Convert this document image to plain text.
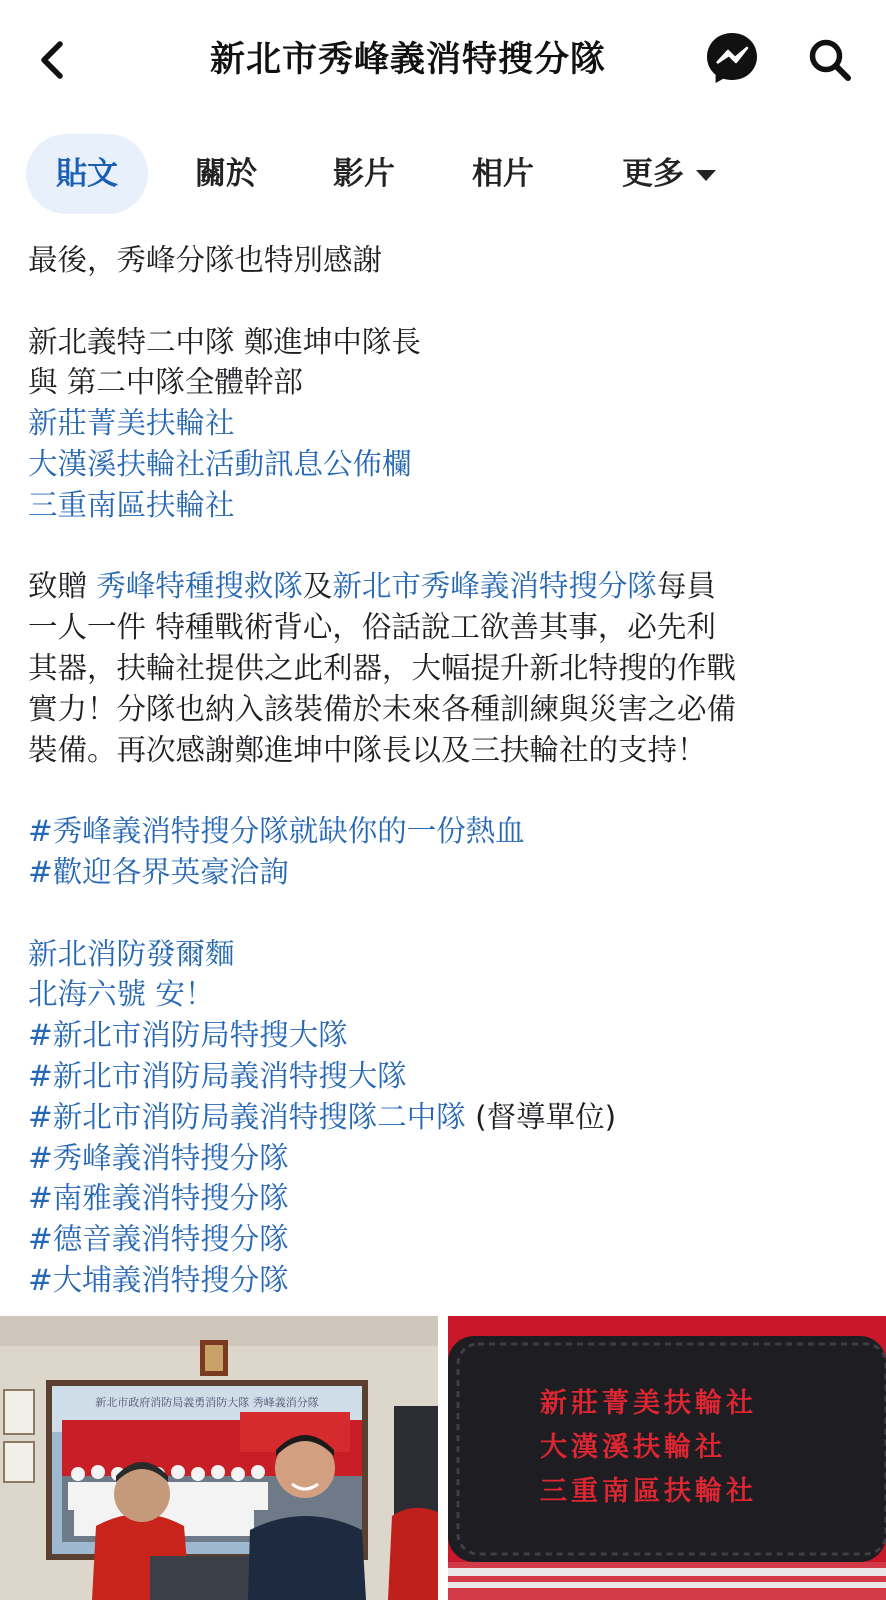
新北市秀峰義消特搜分隊
貼文	關於	影片	相片	更多
最後，秀峰分隊也特別感謝
新北義特二中隊 鄭進坤中隊長
與 第二中隊全體幹部
新莊菁美扶輪社
大漢溪扶輪社活動訊息公佈欄
三重南區扶輪社
致贈 秀峰特種搜救隊及新北市秀峰義消特搜分隊每員
一人一件 特種戰術背心，俗話說工欲善其事，必先利
其器，扶輪社提供之此利器，大幅提升新北特搜的作戰
實力！分隊也納入該裝備於未來各種訓練與災害之必備
裝備。再次感謝鄭進坤中隊長以及三扶輪社的支持！
#秀峰義消特搜分隊就缺你的一份熱血
#歡迎各界英豪洽詢
新北消防發爾麵
北海六號 安！
#新北市消防局特搜大隊
#新北市消防局義消特搜大隊
#新北市消防局義消特搜隊二中隊 (督導單位)
#秀峰義消特搜分隊
#南雅義消特搜分隊
#德音義消特搜分隊
#大埔義消特搜分隊
新北市政府消防局義勇消防大隊 秀峰義消分隊	新莊菁美扶輪社
大漢溪扶輪社
三重南區扶輪社
